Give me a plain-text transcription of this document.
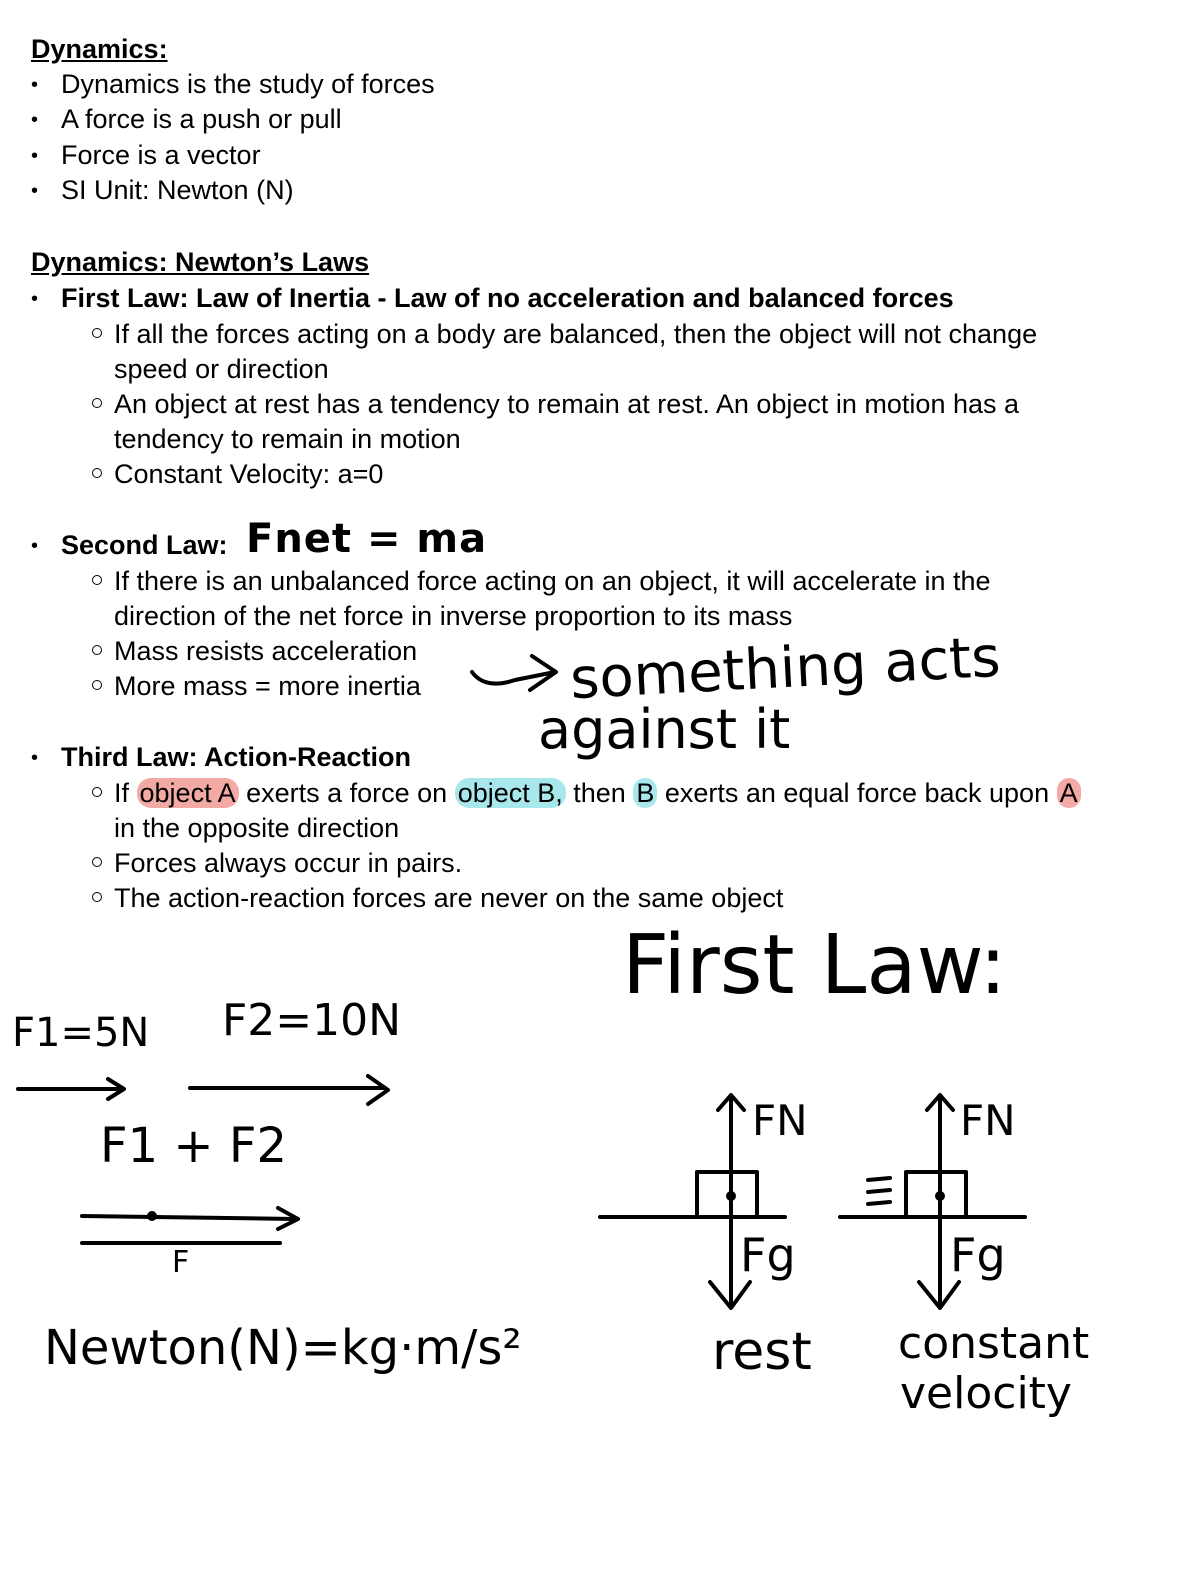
Dynamics:
• Dynamics is the study of forces
• A force is a push or pull
• Force is a vector
• SI Unit: Newton (N)
Dynamics: Newton’s Laws
• First Law: Law of Inertia - Law of no acceleration and balanced forces
If all the forces acting on a body are balanced, then the object will not change
speed or direction
An object at rest has a tendency to remain at rest. An object in motion has a
tendency to remain in motion
Constant Velocity: a=0
• Second Law: Fnet = ma
If there is an unbalanced force acting on an object, it will accelerate in the
direction of the net force in inverse proportion to its mass
Mass resists acceleration
More mass = more inertia	something acts
against it
• Third Law: Action-Reaction
If object A exerts a force on object B, then B exerts an equal force back upon A
in the opposite direction
Forces always occur in pairs.
The action-reaction forces are never on the same object
F1=5N F2=10N
F1 + F2
F
Newton(N)=kg·m/s²
First Law:
FN	FN
Fg	Fg
rest constant
velocity
